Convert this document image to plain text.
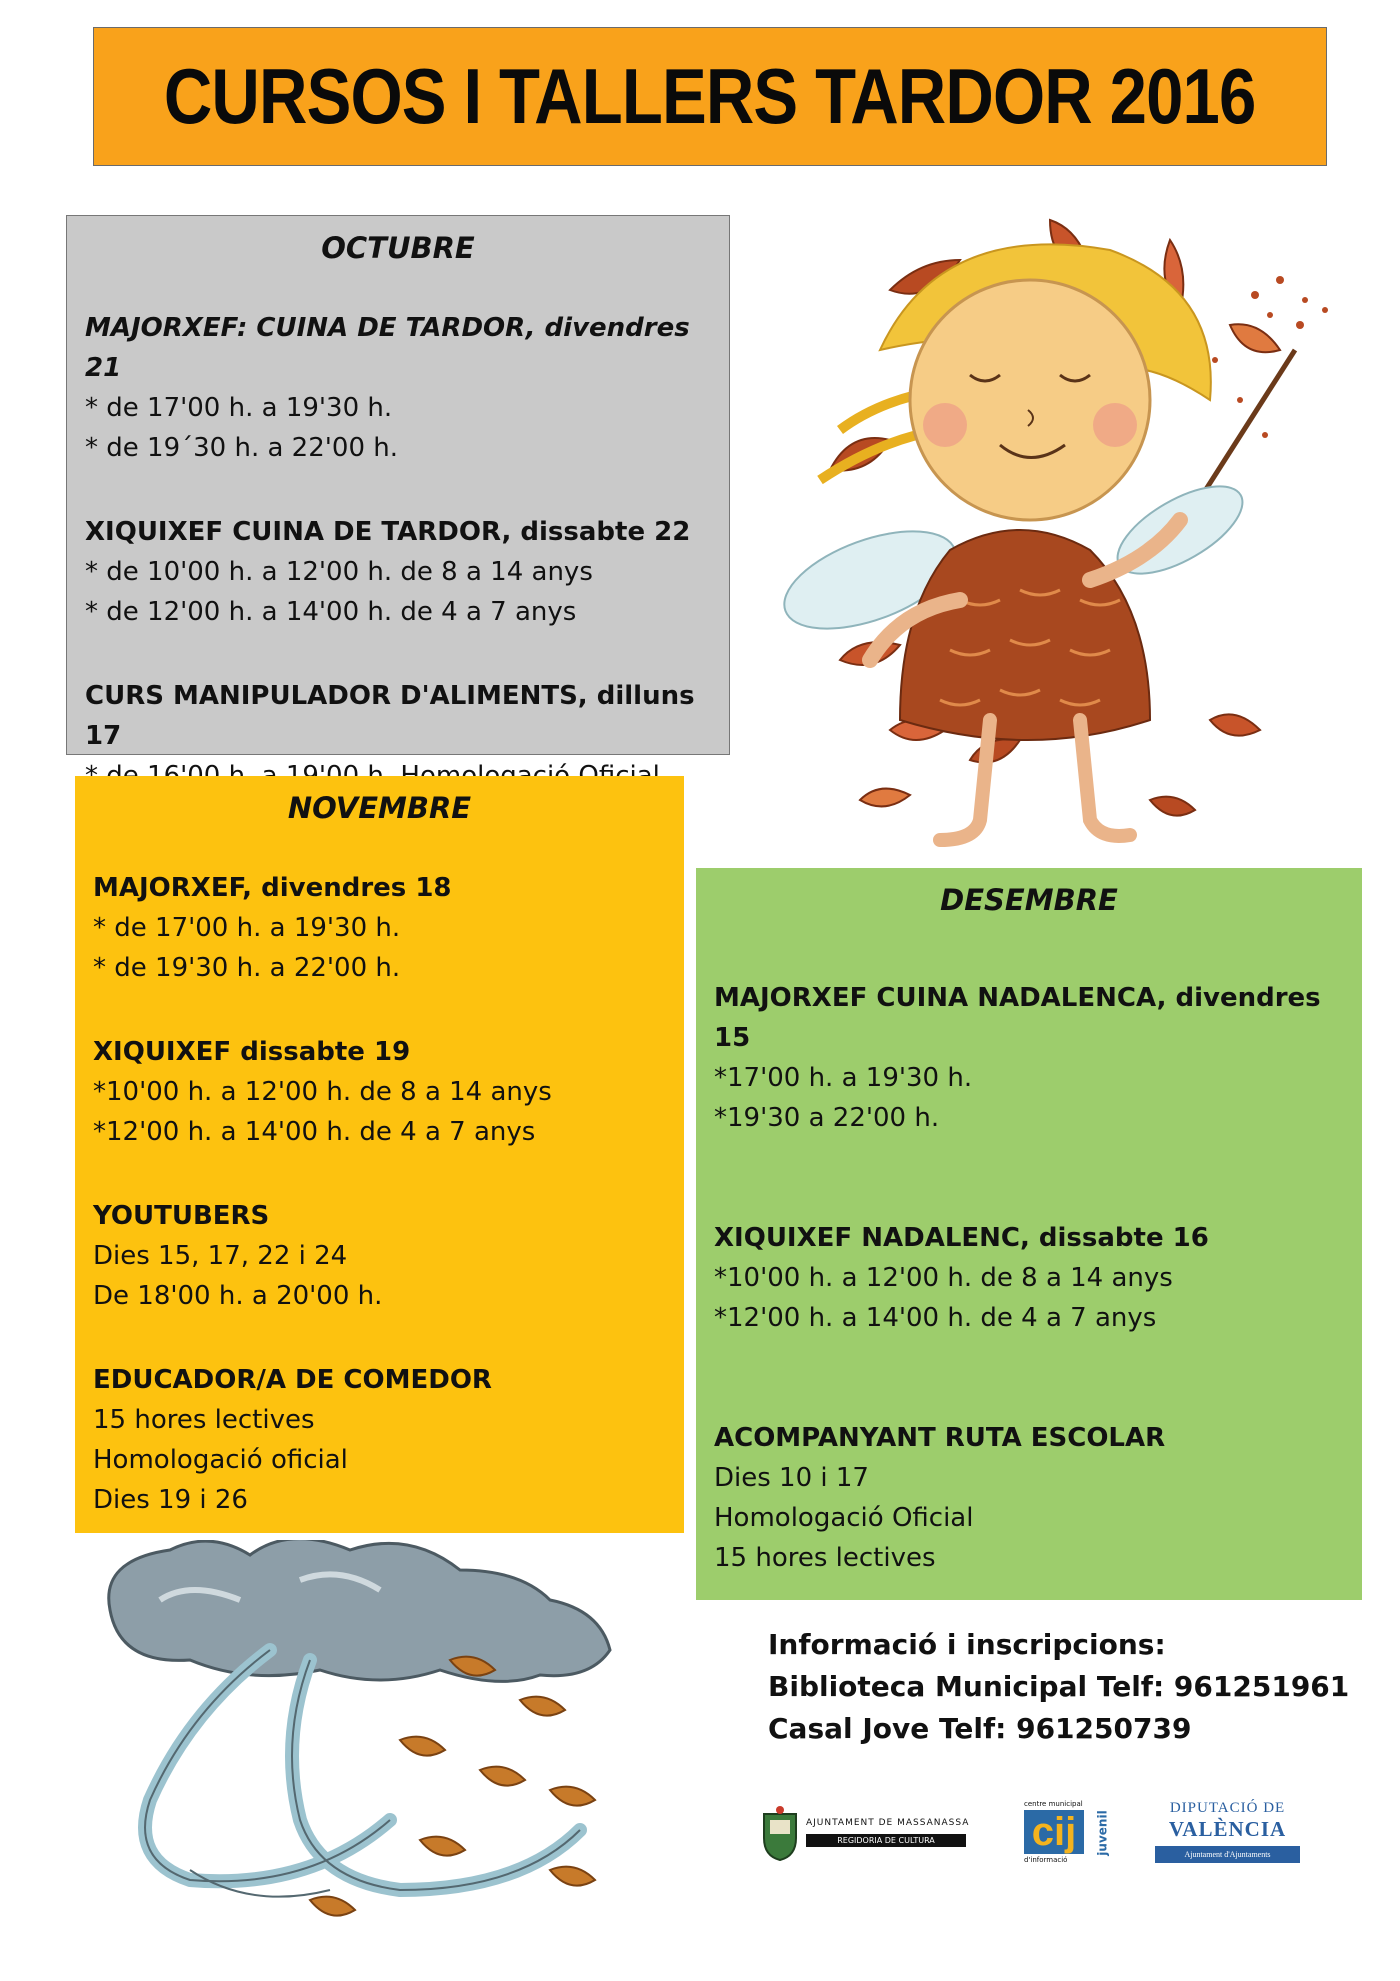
CURSOS I TALLERS TARDOR 2016

OCTUBRE

MAJORXEF: CUINA DE TARDOR, divendres 21

* de 17'00 h. a 19'30 h.

* de 19´30 h. a 22'00 h.

XIQUIXEF CUINA DE TARDOR, dissabte 22

* de 10'00 h. a 12'00 h. de 8 a 14 anys

* de 12'00 h. a 14'00 h. de 4 a 7 anys

CURS MANIPULADOR D'ALIMENTS, dilluns 17

NOVEMBRE

MAJORXEF, divendres 18

* de 17'00 h. a 19'30 h.

* de 19'30 h. a 22'00 h.

XIQUIXEF dissabte 19

*10'00 h. a 12'00 h. de 8 a 14 anys

*12'00 h. a 14'00 h. de 4 a 7 anys

YOUTUBERS

Dies 15, 17, 22 i 24

De 18'00 h. a 20'00 h.

EDUCADOR/A DE COMEDOR

15 hores lectives

Homologació oficial

Dies 19 i 26

DESEMBRE

MAJORXEF CUINA NADALENCA, divendres 15

*17'00 h. a 19'30 h.

*19'30 a 22'00 h.

XIQUIXEF NADALENC, dissabte 16

*10'00 h. a 12'00 h. de 8 a 14 anys

*12'00 h. a 14'00 h. de 4 a 7 anys

ACOMPANYANT RUTA ESCOLAR

Dies 10 i 17

Homologació Oficial

15 hores lectives

Informació i inscripcions:

Biblioteca Municipal Telf: 961251961

Casal Jove Telf: 961250739

AJUNTAMENT DE MASSANASSA
REGIDORIA DE CULTURA
centre municipal
cij
d'informació
juvenil
DIPUTACIÓ DE
VALÈNCIA
Ajuntament d'Ajuntaments
